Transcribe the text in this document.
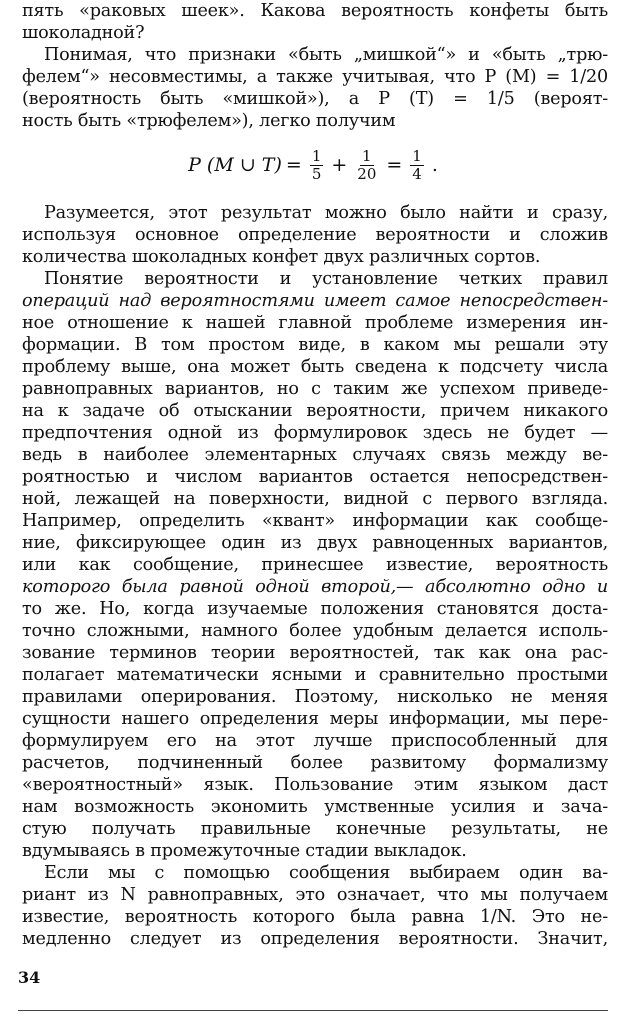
пять «раковых шеек». Какова вероятность конфеты быть
шоколадной?
Понимая, что признаки «быть „мишкой“» и «быть „трю-
фелем“» несовместимы, а также учитывая, что P (M) = 1/20
(вероятность быть «мишкой»), а P (T) = 1/5 (вероят-
ность быть «трюфелем»), легко получим
P (M ∪ $T) = \frac{1}{5} + \frac{1}{20} = \frac{1}{4}$ .
Разумеется, этот результат можно было найти и сразу,
используя основное определение вероятности и сложив
количества шоколадных конфет двух различных сортов.
Понятие вероятности и установление четких правил
операций над вероятностями имеет самое непосредствен-
ное отношение к нашей главной проблеме измерения ин-
формации. В том простом виде, в каком мы решали эту
проблему выше, она может быть сведена к подсчету числа
равноправных вариантов, но с таким же успехом приведе-
на к задаче об отыскании вероятности, причем никакого
предпочтения одной из формулировок здесь не будет —
ведь в наиболее элементарных случаях связь между ве-
роятностью и числом вариантов остается непосредствен-
ной, лежащей на поверхности, видной с первого взгляда.
Например, определить «квант» информации как сообще-
ние, фиксирующее один из двух равноценных вариантов,
или как сообщение, принесшее известие, вероятность
которого была равной одной второй,— абсолютно одно и
то же. Но, когда изучаемые положения становятся доста-
точно сложными, намного более удобным делается исполь-
зование терминов теории вероятностей, так как она рас-
полагает математически ясными и сравнительно простыми
правилами оперирования. Поэтому, нисколько не меняя
сущности нашего определения меры информации, мы пере-
формулируем его на этот лучше приспособленный для
расчетов, подчиненный более развитому формализму
«вероятностный» язык. Пользование этим языком даст
нам возможность экономить умственные усилия и зача-
стую получать правильные конечные результаты, не
вдумываясь в промежуточные стадии выкладок.
Если мы с помощью сообщения выбираем один ва-
риант из N равноправных, это означает, что мы получаем
известие, вероятность которого была равна 1/N. Это не-
медленно следует из определения вероятности. Значит,
34
